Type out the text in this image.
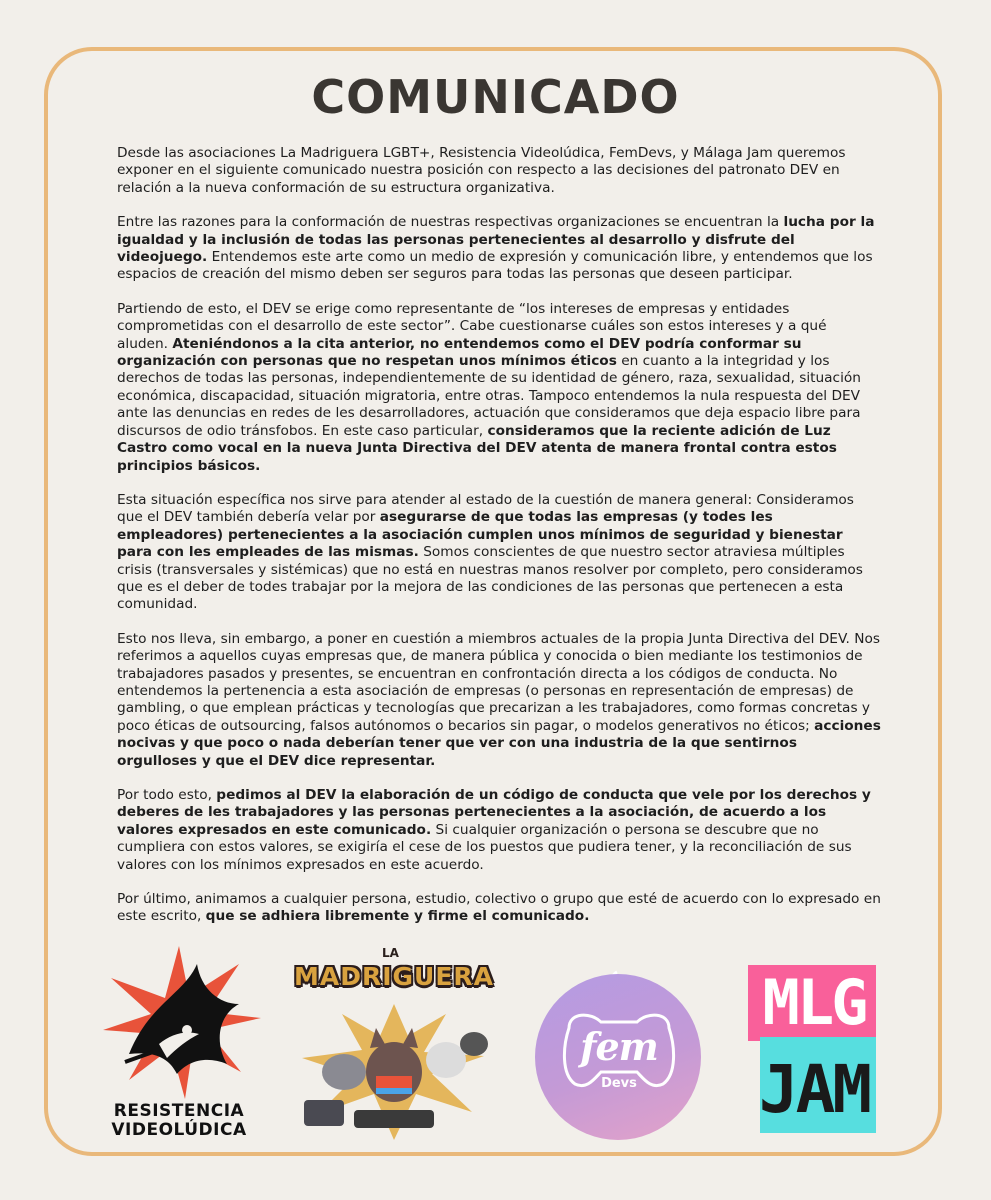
COMUNICADO

Desde las asociaciones La Madriguera LGBT+, Resistencia Videolúdica, FemDevs, y Málaga Jam queremos exponer en el siguiente comunicado nuestra posición con respecto a las decisiones del patronato DEV en relación a la nueva conformación de su estructura organizativa.

Entre las razones para la conformación de nuestras respectivas organizaciones se encuentran la lucha por la igualdad y la inclusión de todas las personas pertenecientes al desarrollo y disfrute del videojuego. Entendemos este arte como un medio de expresión y comunicación libre, y entendemos que los espacios de creación del mismo deben ser seguros para todas las personas que deseen participar.

Partiendo de esto, el DEV se erige como representante de “los intereses de empresas y entidades comprometidas con el desarrollo de este sector”. Cabe cuestionarse cuáles son estos intereses y a qué aluden. Ateniéndonos a la cita anterior, no entendemos como el DEV podría conformar su organización con personas que no respetan unos mínimos éticos en cuanto a la integridad y los derechos de todas las personas, independientemente de su identidad de género, raza, sexualidad, situación económica, discapacidad, situación migratoria, entre otras. Tampoco entendemos la nula respuesta del DEV ante las denuncias en redes de les desarrolladores, actuación que consideramos que deja espacio libre para discursos de odio tránsfobos. En este caso particular, consideramos que la reciente adición de Luz Castro como vocal en la nueva Junta Directiva del DEV atenta de manera frontal contra estos principios básicos.

Esta situación específica nos sirve para atender al estado de la cuestión de manera general: Consideramos que el DEV también debería velar por asegurarse de que todas las empresas (y todes les empleadores) pertenecientes a la asociación cumplen unos mínimos de seguridad y bienestar para con les empleades de las mismas. Somos conscientes de que nuestro sector atraviesa múltiples crisis (transversales y sistémicas) que no está en nuestras manos resolver por completo, pero consideramos que es el deber de todes trabajar por la mejora de las condiciones de las personas que pertenecen a esta comunidad.

Esto nos lleva, sin embargo, a poner en cuestión a miembros actuales de la propia Junta Directiva del DEV. Nos referimos a aquellos cuyas empresas que, de manera pública y conocida o bien mediante los testimonios de trabajadores pasados y presentes, se encuentran en confrontación directa a los códigos de conducta. No entendemos la pertenencia a esta asociación de empresas (o personas en representación de empresas) de gambling, o que emplean prácticas y tecnologías que precarizan a les trabajadores, como formas concretas y poco éticas de outsourcing, falsos autónomos o becarios sin pagar, o modelos generativos no éticos; acciones nocivas y que poco o nada deberían tener que ver con una industria de la que sentirnos orgulloses y que el DEV dice representar.

Por todo esto, pedimos al DEV la elaboración de un código de conducta que vele por los derechos y deberes de les trabajadores y las personas pertenecientes a la asociación, de acuerdo a los valores expresados en este comunicado. Si cualquier organización o persona se descubre que no cumpliera con estos valores, se exigiría el cese de los puestos que pudiera tener, y la reconciliación de sus valores con los mínimos expresados en este acuerdo.

Por último, animamos a cualquier persona, estudio, colectivo o grupo que esté de acuerdo con lo expresado en este escrito, que se adhiera libremente y firme el comunicado.

RESISTENCIA
VIDEOLÚDICA
LA
MADRIGUERA
fem
Devs
MLG
JAM
